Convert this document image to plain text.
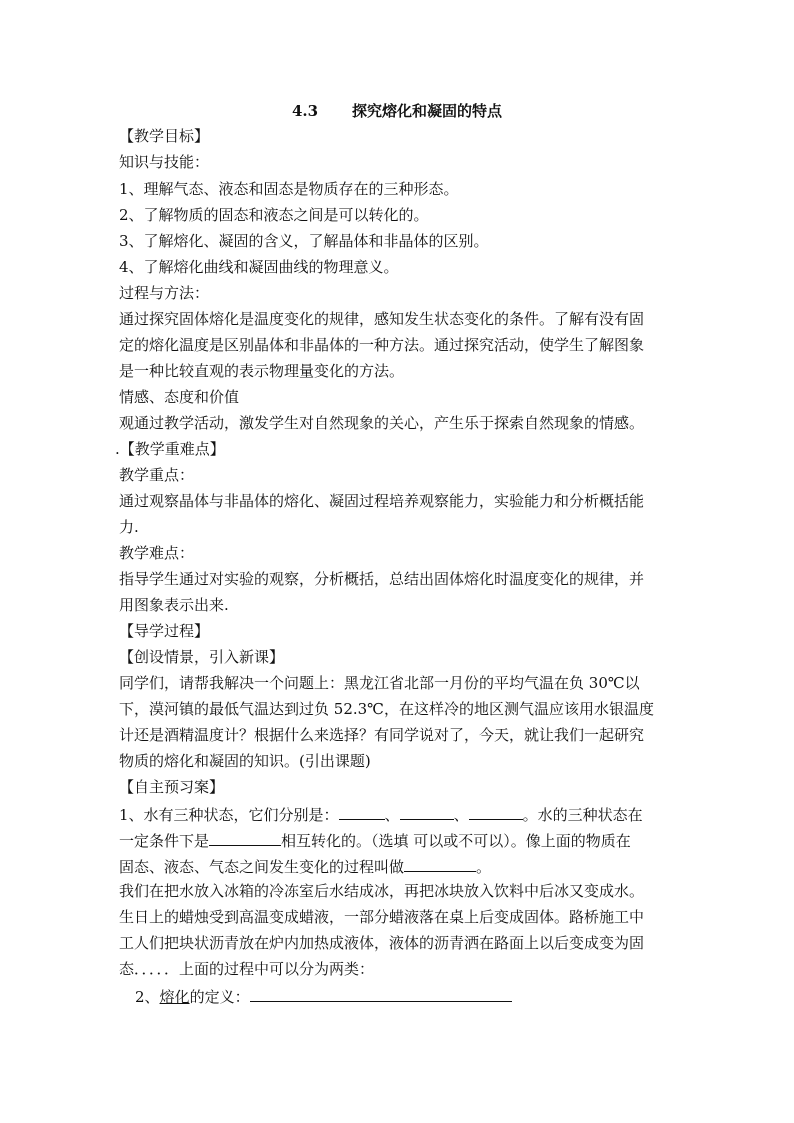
4.3 探究熔化和凝固的特点
【教学目标】
知识与技能：
1、理解气态、液态和固态是物质存在的三种形态。
2、了解物质的固态和液态之间是可以转化的。
3、了解熔化、凝固的含义，了解晶体和非晶体的区别。
4、了解熔化曲线和凝固曲线的物理意义。
过程与方法：
通过探究固体熔化是温度变化的规律，感知发生状态变化的条件。了解有没有固
定的熔化温度是区别晶体和非晶体的一种方法。通过探究活动，使学生了解图象
是一种比较直观的表示物理量变化的方法。
情感、态度和价值
观通过教学活动，激发学生对自然现象的关心，产生乐于探索自然现象的情感。
.【教学重难点】
教学重点：
通过观察晶体与非晶体的熔化、凝固过程培养观察能力，实验能力和分析概括能
力.
教学难点：
指导学生通过对实验的观察，分析概括，总结出固体熔化时温度变化的规律，并
用图象表示出来.
【导学过程】
【创设情景，引入新课】
同学们，请帮我解决一个问题上：黑龙江省北部一月份的平均气温在负 30℃以
下，漠河镇的最低气温达到过负 52.3℃，在这样冷的地区测气温应该用水银温度
计还是酒精温度计？根据什么来选择？有同学说对了，今天，就让我们一起研究
物质的熔化和凝固的知识。(引出课题)
【自主预习案】
1、水有三种状态，它们分别是：	、	、	。水的三种状态在
一定条件下是	相互转化的。（选填 可以或不可以）。像上面的物质在
固态、液态、气态之间发生变化的过程叫做	。
我们在把水放入冰箱的冷冻室后水结成冰，再把冰块放入饮料中后冰又变成水。
生日上的蜡烛受到高温变成蜡液，一部分蜡液落在桌上后变成固体。路桥施工中
工人们把块状沥青放在炉内加热成液体，液体的沥青洒在路面上以后变成变为固
态．．．．．上面的过程中可以分为两类：
2、熔化的定义：
